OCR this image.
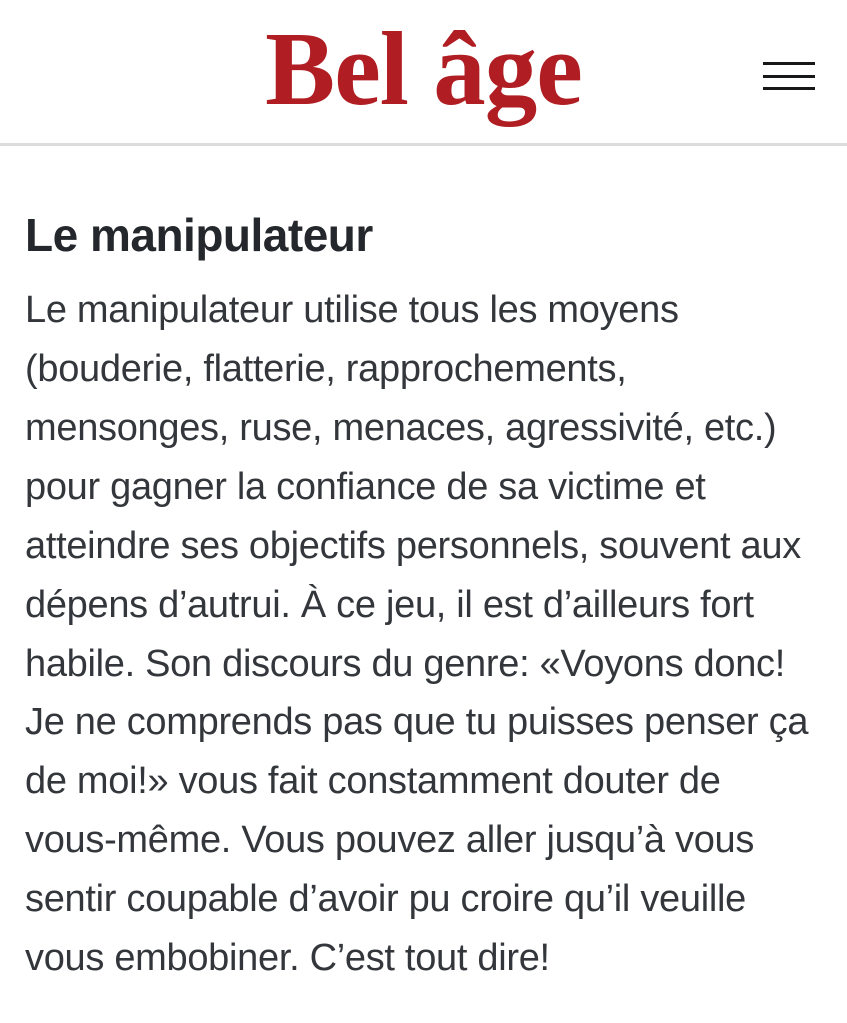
Bel âge
Le manipulateur

Le manipulateur utilise tous les moyens (bouderie, flatterie, rapprochements, mensonges, ruse, menaces, agressivité, etc.) pour gagner la confiance de sa victime et atteindre ses objectifs personnels, souvent aux dépens d’autrui. À ce jeu, il est d’ailleurs fort habile. Son discours du genre: «Voyons donc! Je ne comprends pas que tu puisses penser ça de moi!» vous fait constamment douter de vous-même. Vous pouvez aller jusqu’à vous sentir coupable d’avoir pu croire qu’il veuille vous embobiner. C’est tout dire!
